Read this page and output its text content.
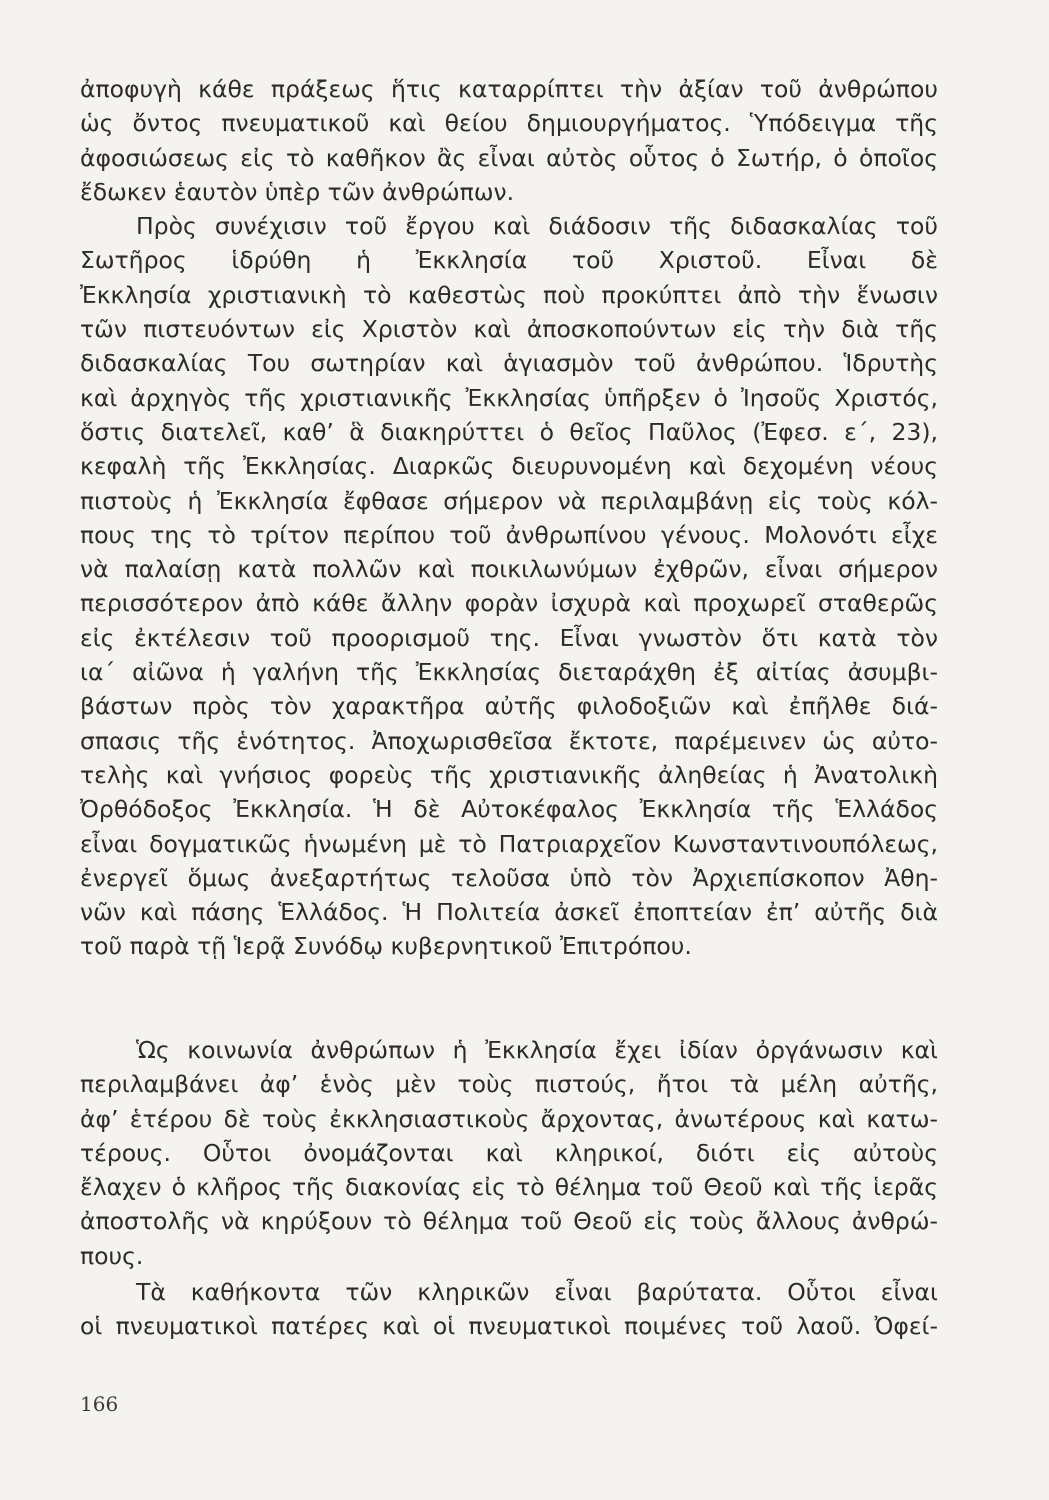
ἀποφυγὴ κάθε πράξεως ἥτις καταρρίπτει τὴν ἀξίαν τοῦ ἀνθρώπου
ὡς ὄντος πνευματικοῦ καὶ θείου δημιουργήματος. Ὑπόδειγμα τῆς
ἀφοσιώσεως εἰς τὸ καθῆκον ἂς εἶναι αὐτὸς οὗτος ὁ Σωτήρ, ὁ ὁποῖος
ἔδωκεν ἑαυτὸν ὑπὲρ τῶν ἀνθρώπων.
Πρὸς συνέχισιν τοῦ ἔργου καὶ διάδοσιν τῆς διδασκαλίας τοῦ
Σωτῆρος ἱδρύθη ἡ Ἐκκλησία τοῦ Χριστοῦ. Εἶναι δὲ
Ἐκκλησία χριστιανικὴ τὸ καθεστὼς ποὺ προκύπτει ἀπὸ τὴν ἕνωσιν
τῶν πιστευόντων εἰς Χριστὸν καὶ ἀποσκοπούντων εἰς τὴν διὰ τῆς
διδασκαλίας Του σωτηρίαν καὶ ἁγιασμὸν τοῦ ἀνθρώπου. Ἱδρυτὴς
καὶ ἀρχηγὸς τῆς χριστιανικῆς Ἐκκλησίας ὑπῆρξεν ὁ Ἰησοῦς Χριστός,
ὅστις διατελεῖ, καθ’ ἃ διακηρύττει ὁ θεῖος Παῦλος (Ἐφεσ. ε΄, 23),
κεφαλὴ τῆς Ἐκκλησίας. Διαρκῶς διευρυνομένη καὶ δεχομένη νέους
πιστοὺς ἡ Ἐκκλησία ἔφθασε σήμερον νὰ περιλαμβάνῃ εἰς τοὺς κόλ-
πους της τὸ τρίτον περίπου τοῦ ἀνθρωπίνου γένους. Μολονότι εἶχε
νὰ παλαίσῃ κατὰ πολλῶν καὶ ποικιλωνύμων ἐχθρῶν, εἶναι σήμερον
περισσότερον ἀπὸ κάθε ἄλλην φορὰν ἰσχυρὰ καὶ προχωρεῖ σταθερῶς
εἰς ἐκτέλεσιν τοῦ προορισμοῦ της. Εἶναι γνωστὸν ὅτι κατὰ τὸν
ια΄ αἰῶνα ἡ γαλήνη τῆς Ἐκκλησίας διεταράχθη ἐξ αἰτίας ἀσυμβι-
βάστων πρὸς τὸν χαρακτῆρα αὐτῆς φιλοδοξιῶν καὶ ἐπῆλθε διά-
σπασις τῆς ἑνότητος. Ἀποχωρισθεῖσα ἔκτοτε, παρέμεινεν ὡς αὐτο-
τελὴς καὶ γνήσιος φορεὺς τῆς χριστιανικῆς ἀληθείας ἡ Ἀνατολικὴ
Ὀρθόδοξος Ἐκκλησία. Ἡ δὲ Αὐτοκέφαλος Ἐκκλησία τῆς Ἑλλάδος
εἶναι δογματικῶς ἡνωμένη μὲ τὸ Πατριαρχεῖον Κωνσταντινουπόλεως,
ἐνεργεῖ ὅμως ἀνεξαρτήτως τελοῦσα ὑπὸ τὸν Ἀρχιεπίσκοπον Ἀθη-
νῶν καὶ πάσης Ἑλλάδος. Ἡ Πολιτεία ἀσκεῖ ἐποπτείαν ἐπ’ αὐτῆς διὰ
τοῦ παρὰ τῇ Ἱερᾷ Συνόδῳ κυβερνητικοῦ Ἐπιτρόπου.
Ὡς κοινωνία ἀνθρώπων ἡ Ἐκκλησία ἔχει ἰδίαν ὀργάνωσιν καὶ
περιλαμβάνει ἀφ’ ἑνὸς μὲν τοὺς πιστούς, ἤτοι τὰ μέλη αὐτῆς,
ἀφ’ ἑτέρου δὲ τοὺς ἐκκλησιαστικοὺς ἄρχοντας, ἀνωτέρους καὶ κατω-
τέρους. Οὗτοι ὀνομάζονται καὶ κληρικοί, διότι εἰς αὐτοὺς
ἔλαχεν ὁ κλῆρος τῆς διακονίας εἰς τὸ θέλημα τοῦ Θεοῦ καὶ τῆς ἱερᾶς
ἀποστολῆς νὰ κηρύξουν τὸ θέλημα τοῦ Θεοῦ εἰς τοὺς ἄλλους ἀνθρώ-
πους.
Τὰ καθήκοντα τῶν κληρικῶν εἶναι βαρύτατα. Οὗτοι εἶναι
οἱ πνευματικοὶ πατέρες καὶ οἱ πνευματικοὶ ποιμένες τοῦ λαοῦ. Ὀφεί-
166
